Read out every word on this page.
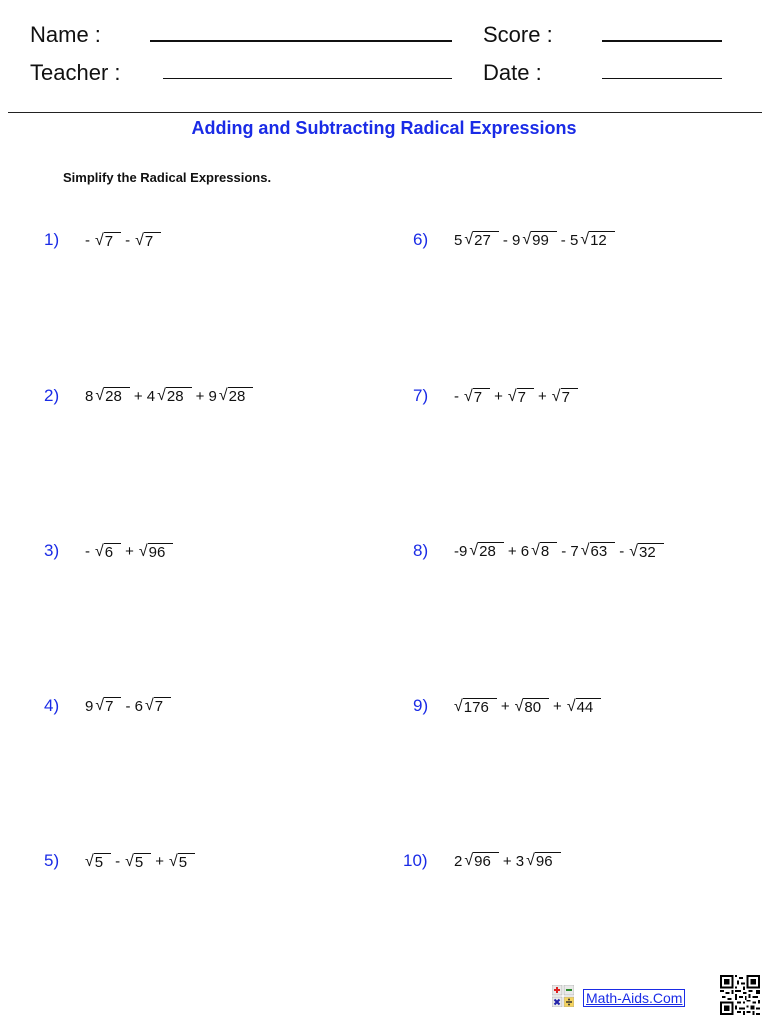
Name :	Score :
Teacher :	Date :
Adding and Subtracting Radical Expressions
Simplify the Radical Expressions.
1)	- √ 7 - √ 7
2)	8 √ 28 + 4 √ 28 + 9 √ 28
3)	- √ 6 + √ 96
4)	9 √ 7 - 6 √ 7
5)	√ 5 - √ 5 + √ 5
6)	5 √ 27 - 9 √ 99 - 5 √ 12
7)	- √ 7 + √ 7 + √ 7
8)	-9 √ 28 + 6 √ 8 - 7 √ 63 - √ 32
9)	√ 176 + √ 80 + √ 44
10)	2 √ 96 + 3 √ 96
Math-Aids.Com
